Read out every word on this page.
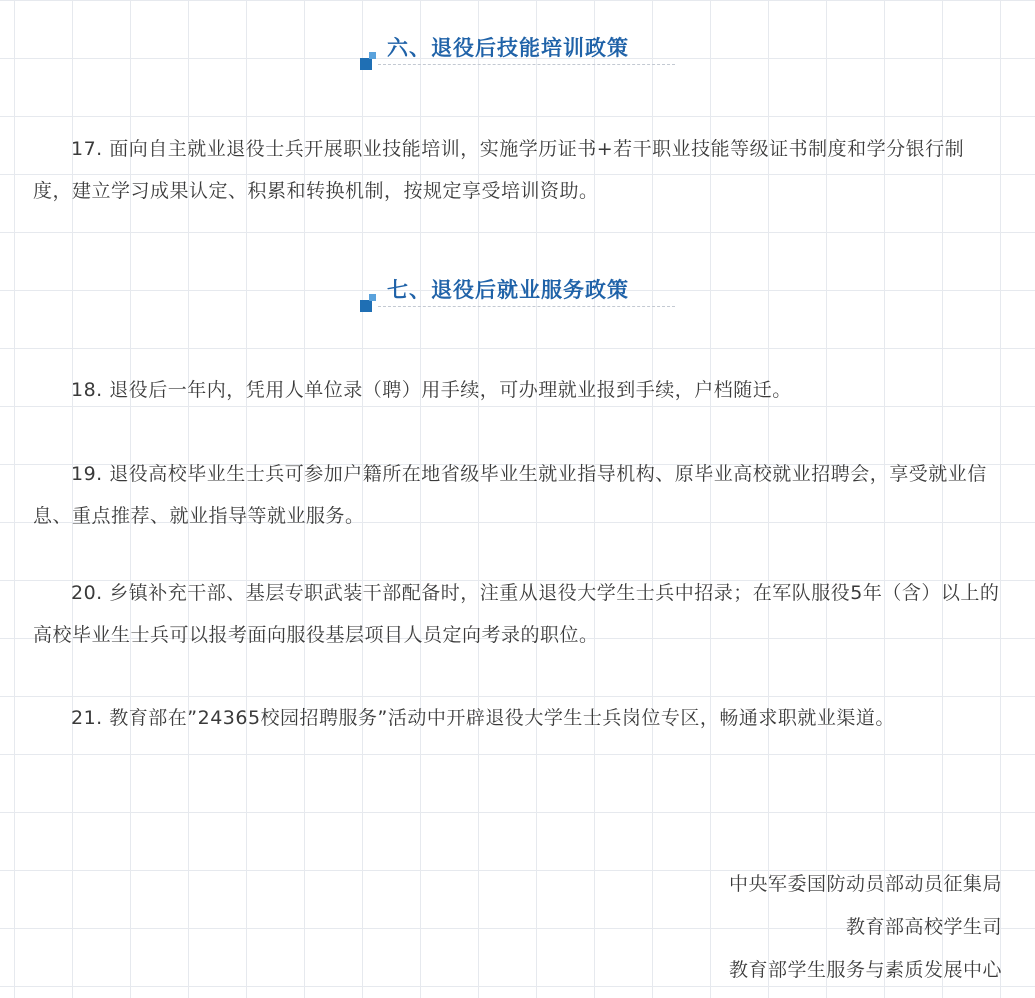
六、退役后技能培训政策

17. 面向自主就业退役士兵开展职业技能培训，实施学历证书+若干职业技能等级证书制度和学分银行制度，建立学习成果认定、积累和转换机制，按规定享受培训资助。

七、退役后就业服务政策

18. 退役后一年内，凭用人单位录（聘）用手续，可办理就业报到手续，户档随迁。

19. 退役高校毕业生士兵可参加户籍所在地省级毕业生就业指导机构、原毕业高校就业招聘会，享受就业信息、重点推荐、就业指导等就业服务。

20. 乡镇补充干部、基层专职武装干部配备时，注重从退役大学生士兵中招录；在军队服役5年（含）以上的高校毕业生士兵可以报考面向服役基层项目人员定向考录的职位。

21. 教育部在”24365校园招聘服务”活动中开辟退役大学生士兵岗位专区，畅通求职就业渠道。

中央军委国防动员部动员征集局
教育部高校学生司
教育部学生服务与素质发展中心
